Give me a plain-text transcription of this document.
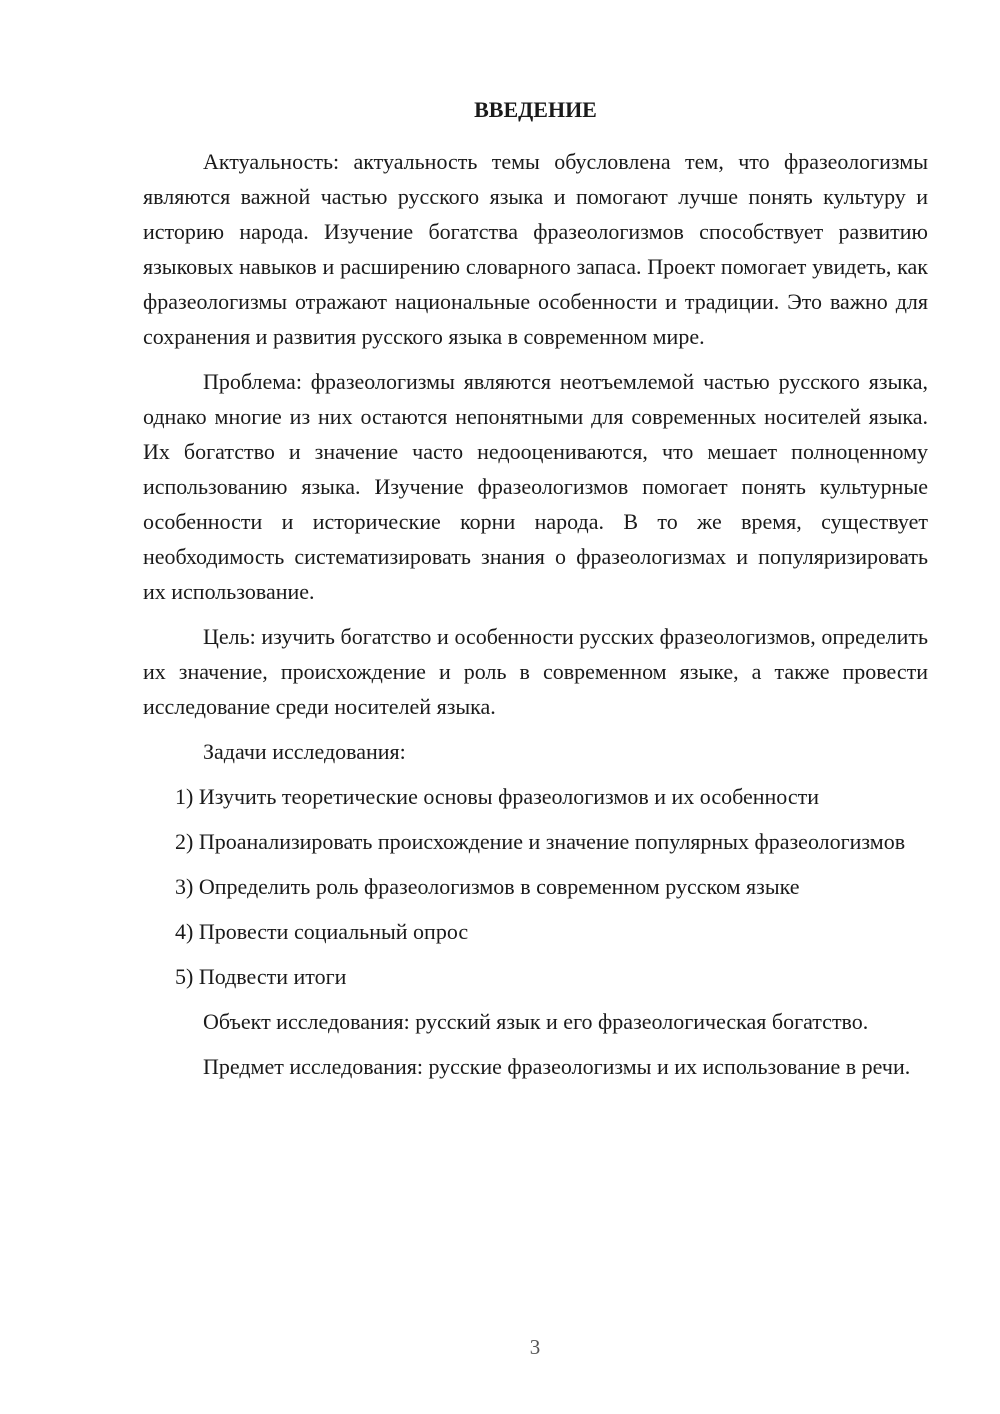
ВВЕДЕНИЕ

Актуальность: актуальность темы обусловлена тем, что фразеологизмы являются важной частью русского языка и помогают лучше понять культуру и историю народа. Изучение богатства фразеологизмов способствует развитию языковых навыков и расширению словарного запаса. Проект помогает увидеть, как фразеологизмы отражают национальные особенности и традиции. Это важно для сохранения и развития русского языка в современном мире.

Проблема: фразеологизмы являются неотъемлемой частью русского языка, однако многие из них остаются непонятными для современных носителей языка. Их богатство и значение часто недооцениваются, что мешает полноценному использованию языка. Изучение фразеологизмов помогает понять культурные особенности и исторические корни народа. В то же время, существует необходимость систематизировать знания о фразеологизмах и популяризировать их использование.

Цель: изучить богатство и особенности русских фразеологизмов, определить их значение, происхождение и роль в современном языке, а также провести исследование среди носителей языка.

Задачи исследования:

1) Изучить теоретические основы фразеологизмов и их особенности

2) Проанализировать происхождение и значение популярных фразеологизмов

3) Определить роль фразеологизмов в современном русском языке

4) Провести социальный опрос

5) Подвести итоги

Объект исследования: русский язык и его фразеологическая богатство.

Предмет исследования: русские фразеологизмы и их использование в речи.

3
